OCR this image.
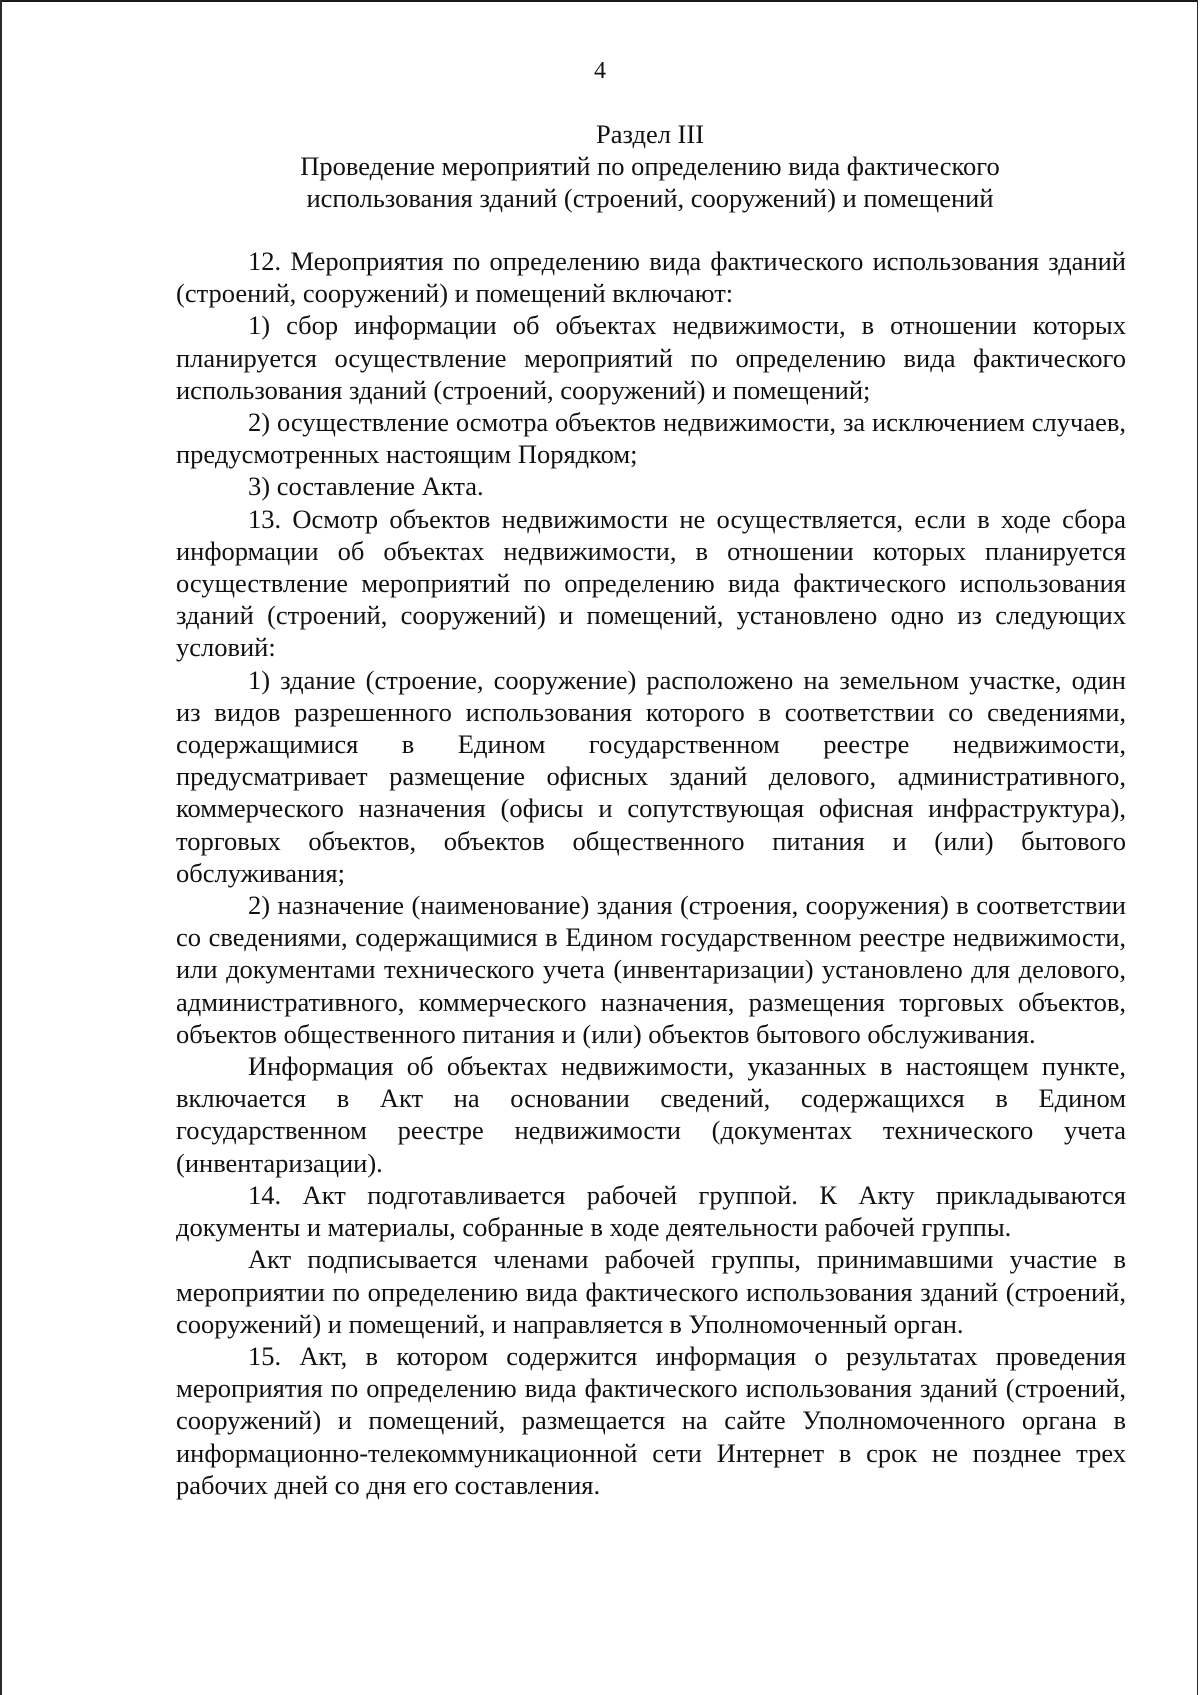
4
Раздел III
Проведение мероприятий по определению вида фактического
использования зданий (строений, сооружений) и помещений

12. Мероприятия по определению вида фактического использования зданий (строений, сооружений) и помещений включают:

1) сбор информации об объектах недвижимости, в отношении которых планируется осуществление мероприятий по определению вида фактического использования зданий (строений, сооружений) и помещений;

2) осуществление осмотра объектов недвижимости, за исключением случаев, предусмотренных настоящим Порядком;

3) составление Акта.

13. Осмотр объектов недвижимости не осуществляется, если в ходе сбора информации об объектах недвижимости, в отношении которых планируется осуществление мероприятий по определению вида фактического использования зданий (строений, сооружений) и помещений, установлено одно из следующих условий:

1) здание (строение, сооружение) расположено на земельном участке, один из видов разрешенного использования которого в соответствии со сведениями, содержащимися в Едином государственном реестре недвижимости, предусматривает размещение офисных зданий делового, административного, коммерческого назначения (офисы и сопутствующая офисная инфраструктура), торговых объектов, объектов общественного питания и (или) бытового обслуживания;

2) назначение (наименование) здания (строения, сооружения) в соответствии со сведениями, содержащимися в Едином государственном реестре недвижимости, или документами технического учета (инвентаризации) установлено для делового, административного, коммерческого назначения, размещения торговых объектов, объектов общественного питания и (или) объектов бытового обслуживания.

Информация об объектах недвижимости, указанных в настоящем пункте, включается в Акт на основании сведений, содержащихся в Едином государственном реестре недвижимости (документах технического учета (инвентаризации).

14. Акт подготавливается рабочей группой. К Акту прикладываются документы и материалы, собранные в ходе деятельности рабочей группы.

Акт подписывается членами рабочей группы, принимавшими участие в мероприятии по определению вида фактического использования зданий (строений, сооружений) и помещений, и направляется в Уполномоченный орган.

15. Акт, в котором содержится информация о результатах проведения мероприятия по определению вида фактического использования зданий (строений, сооружений) и помещений, размещается на сайте Уполномоченного органа в информационно-телекоммуникационной сети Интернет в срок не позднее трех рабочих дней со дня его составления.
